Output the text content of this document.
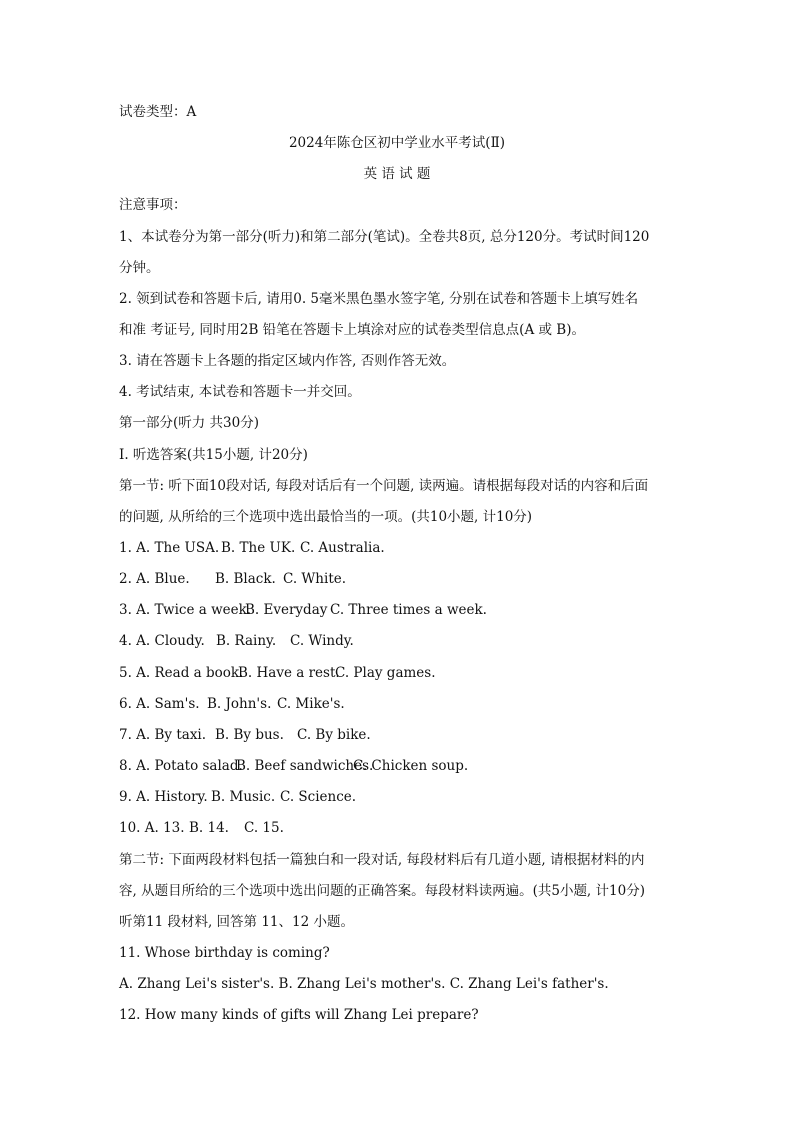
试卷类型：A
2024年陈仓区初中学业水平考试(Ⅱ)
英 语 试 题
注意事项：
1、本试卷分为第一部分(听力)和第二部分(笔试)。全卷共8页, 总分120分。考试时间120
分钟。
2. 领到试卷和答题卡后, 请用0. 5毫米黑色墨水签字笔, 分别在试卷和答题卡上填写姓名
和准 考证号, 同时用2B 铅笔在答题卡上填涂对应的试卷类型信息点(A 或 B)。
3. 请在答题卡上各题的指定区域内作答, 否则作答无效。
4. 考试结束, 本试卷和答题卡一并交回。
第一部分(听力 共30分)
I. 听选答案(共15小题, 计20分)
第一节: 听下面10段对话, 每段对话后有一个问题, 读两遍。请根据每段对话的内容和后面
的问题, 从所给的三个选项中选出最恰当的一项。(共10小题, 计10分)
1. A. The USA. B. The UK. C. Australia.
2. A. Blue. B. Black. C. White.
3. A. Twice a week.B. Everyday C. Three times a week.
4. A. Cloudy. B. Rainy. C. Windy.
5. A. Read a book.B. Have a rest.C. Play games.
6. A. Sam's. B. John's. C. Mike's.
7. A. By taxi. B. By bus. C. By bike.
8. A. Potato salad.B. Beef sandwiches.C. Chicken soup.
9. A. History. B. Music. C. Science.
10. A. 13. B. 14. C. 15.
第二节: 下面两段材料包括一篇独白和一段对话, 每段材料后有几道小题, 请根据材料的内
容, 从题目所给的三个选项中选出问题的正确答案。每段材料读两遍。(共5小题, 计10分)
听第11 段材料, 回答第 11、12 小题。
11. Whose birthday is coming?
A. Zhang Lei's sister's. B. Zhang Lei's mother's. C. Zhang Lei's father's.
12. How many kinds of gifts will Zhang Lei prepare?
